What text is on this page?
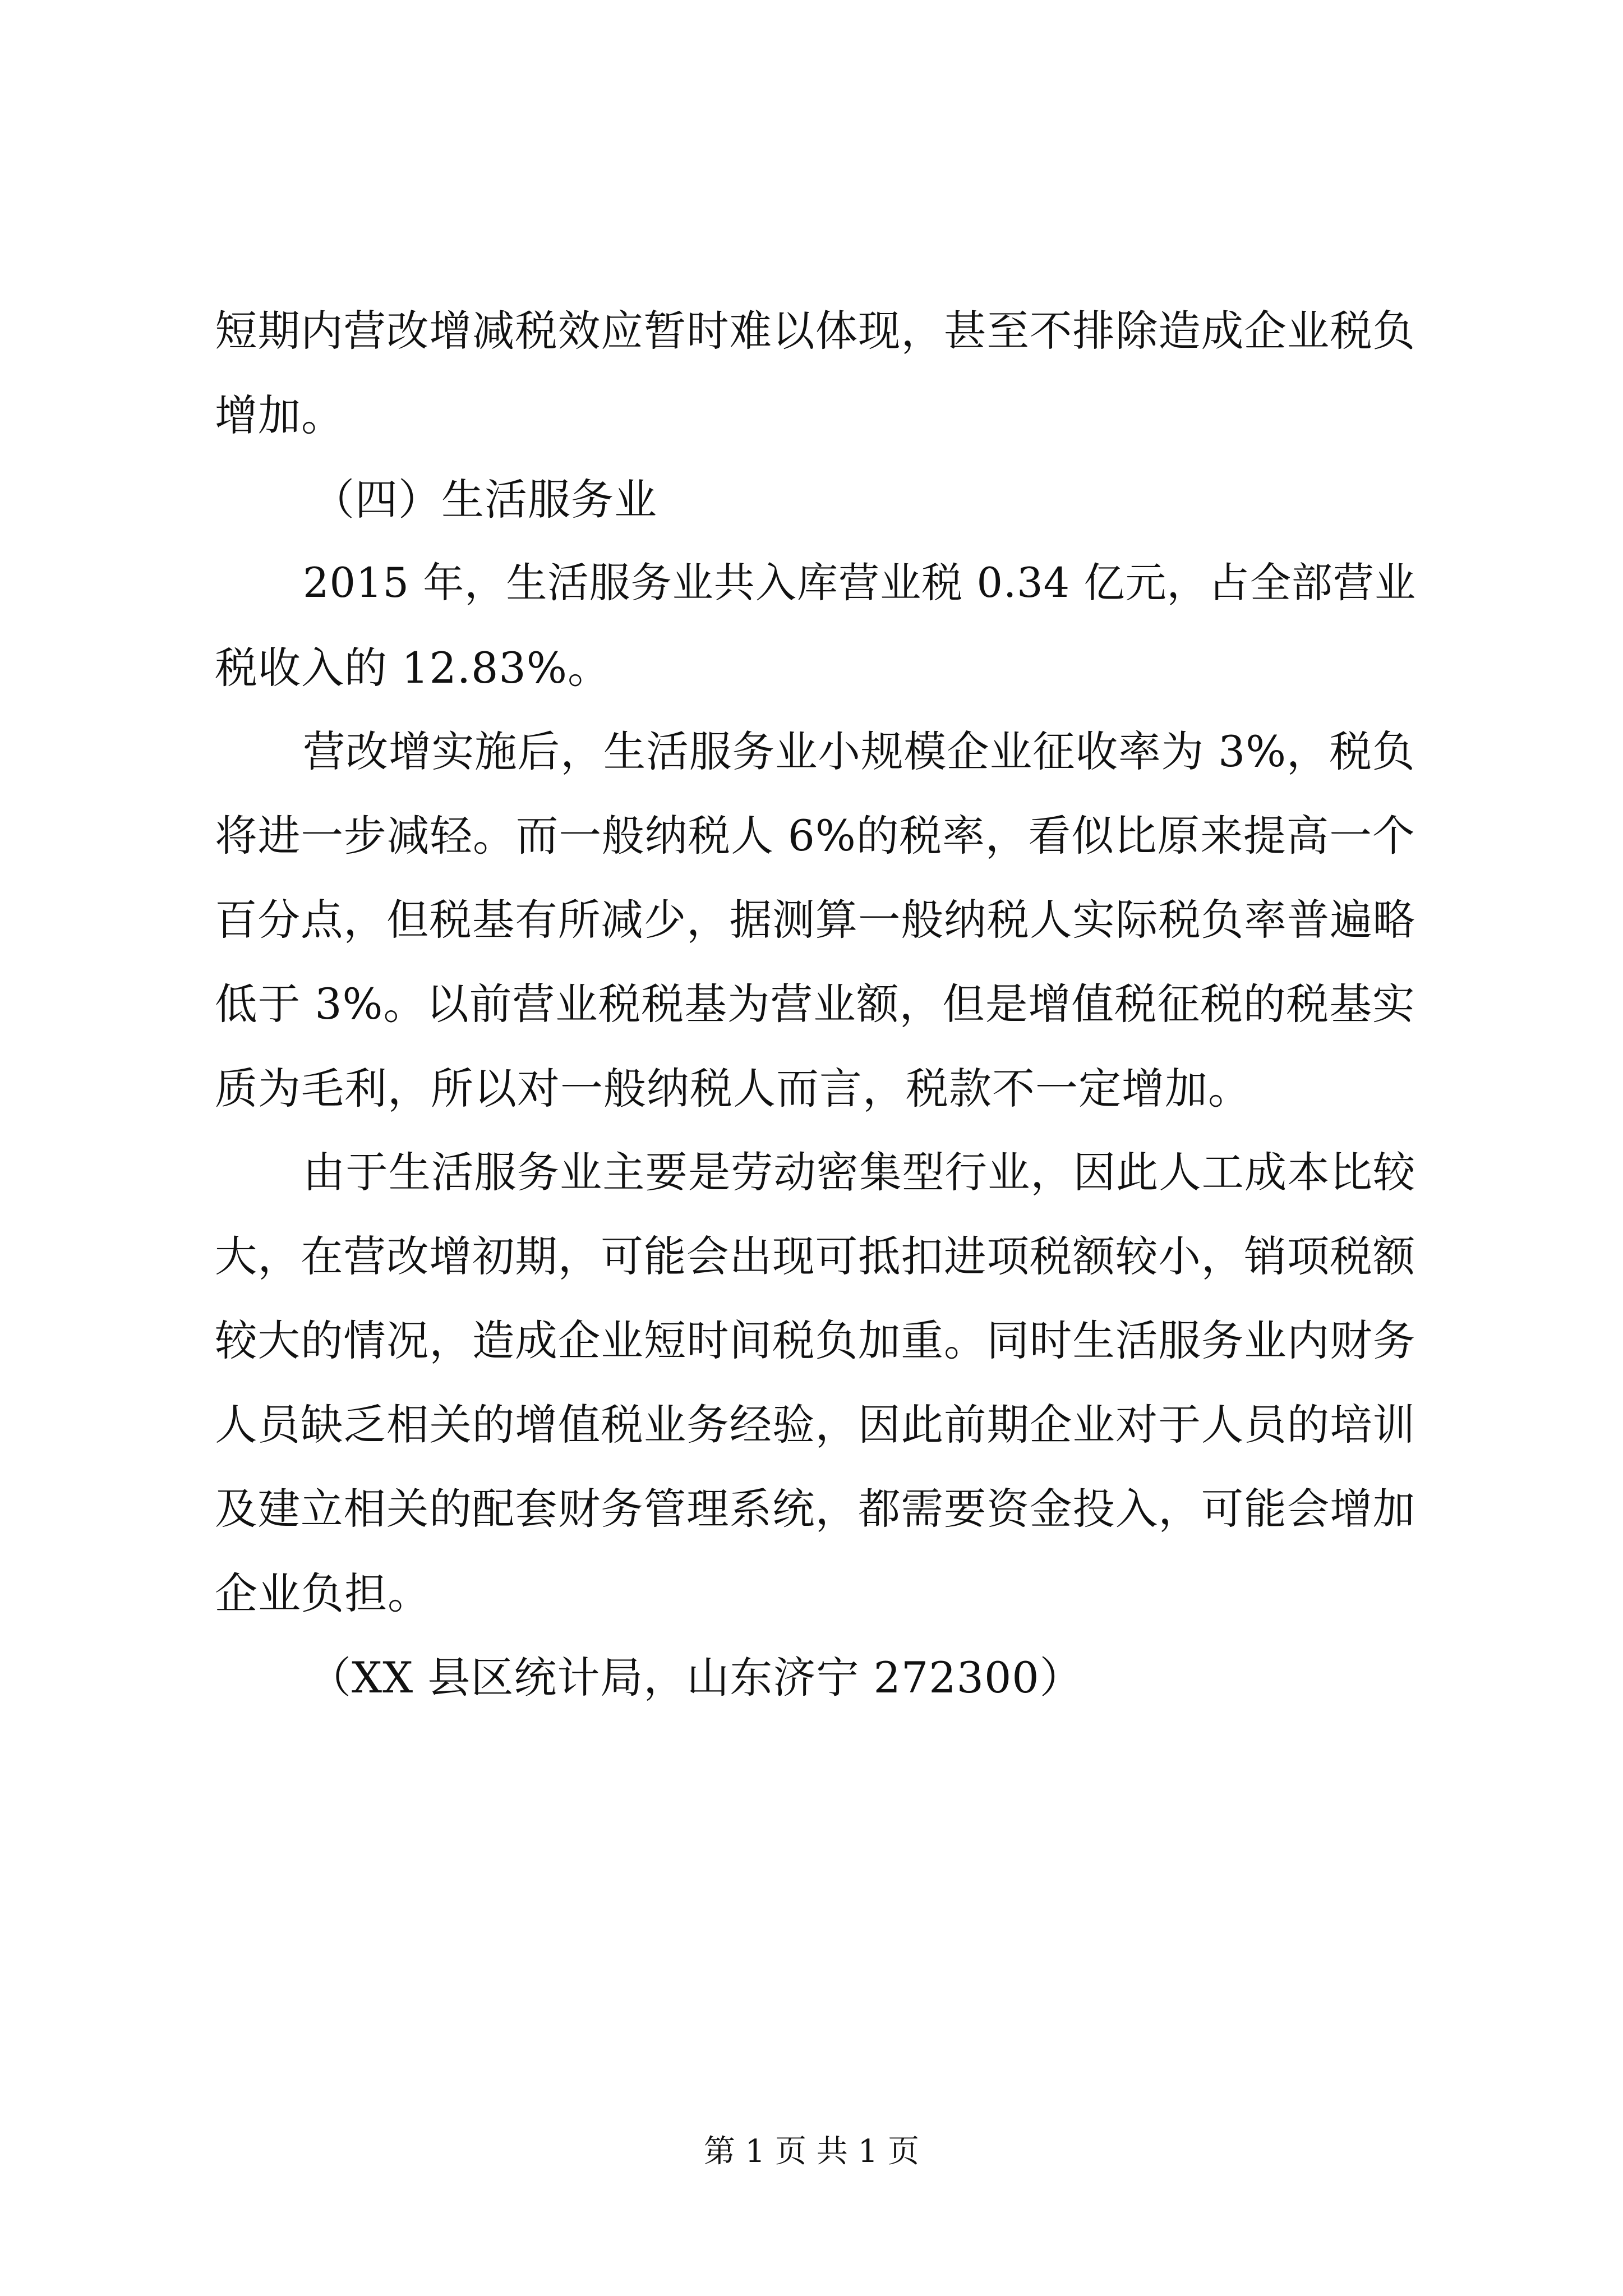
短期内营改增减税效应暂时难以体现，甚至不排除造成企业税负
增加。
（四）生活服务业
2015 年，生活服务业共入库营业税 0.34 亿元，占全部营业
税收入的 12.83%。
营改增实施后，生活服务业小规模企业征收率为 3%，税负
将进一步减轻。而一般纳税人 6%的税率，看似比原来提高一个
百分点，但税基有所减少，据测算一般纳税人实际税负率普遍略
低于 3%。以前营业税税基为营业额，但是增值税征税的税基实
质为毛利，所以对一般纳税人而言，税款不一定增加。
由于生活服务业主要是劳动密集型行业，因此人工成本比较
大，在营改增初期，可能会出现可抵扣进项税额较小，销项税额
较大的情况，造成企业短时间税负加重。同时生活服务业内财务
人员缺乏相关的增值税业务经验，因此前期企业对于人员的培训
及建立相关的配套财务管理系统，都需要资金投入，可能会增加
企业负担。
（XX 县区统计局，山东济宁 272300）
第 1 页 共 1 页
